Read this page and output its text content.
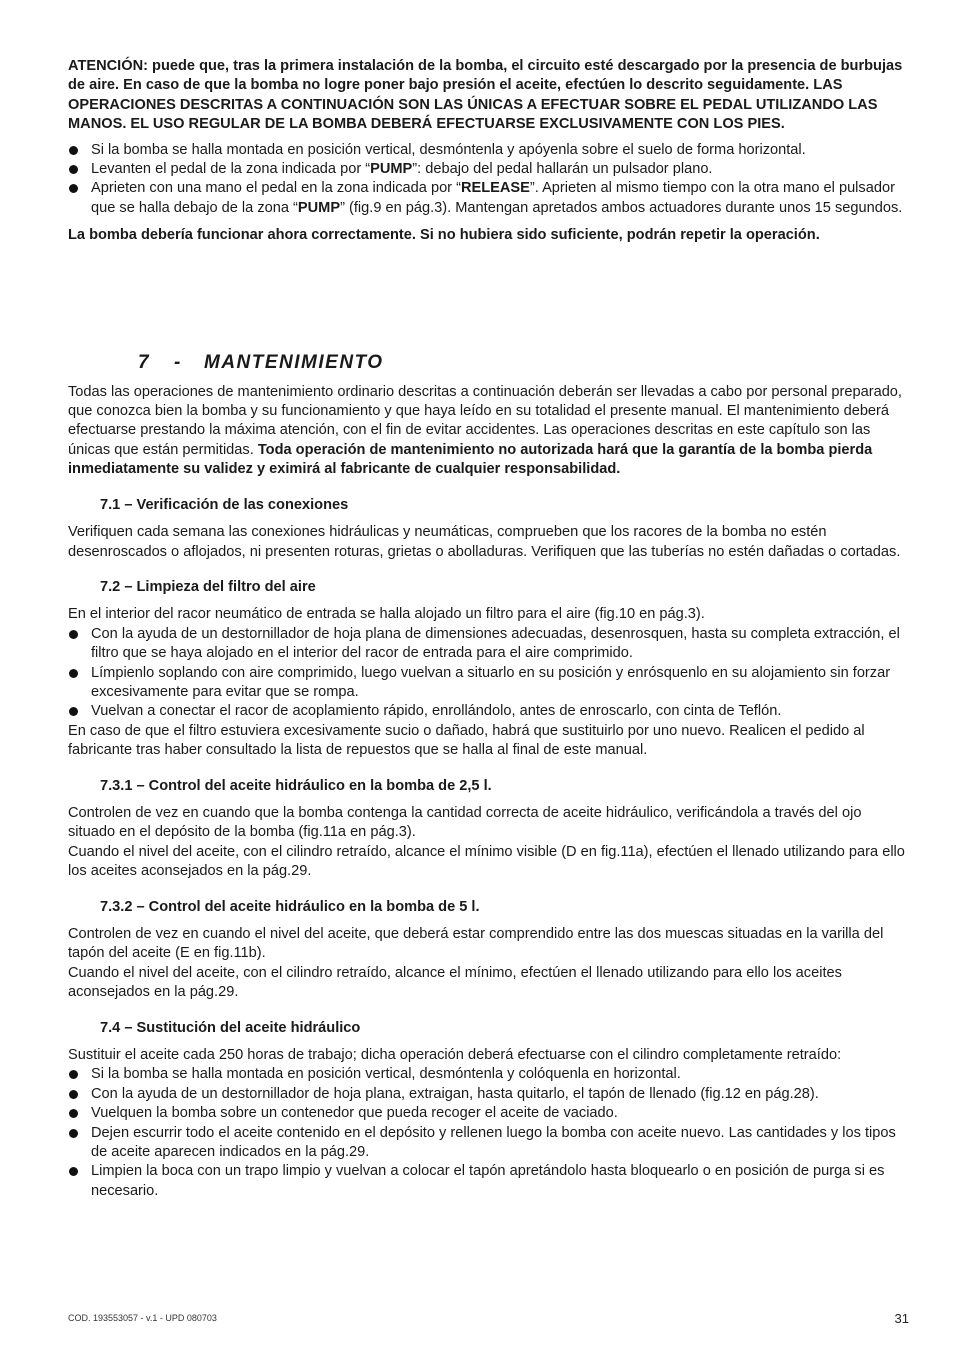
ATENCIÓN: puede que, tras la primera instalación de la bomba, el circuito esté descargado por la presencia de burbujas de aire. En caso de que la bomba no logre poner bajo presión el aceite, efectúen lo descrito seguidamente. LAS OPERACIONES DESCRITAS A CONTINUACIÓN SON LAS ÚNICAS A EFECTUAR SOBRE EL PEDAL UTILIZANDO LAS MANOS. EL USO REGULAR DE LA BOMBA DEBERÁ EFECTUARSE EXCLUSIVAMENTE CON LOS PIES.

Si la bomba se halla montada en posición vertical, desmóntenla y apóyenla sobre el suelo de forma horizontal.
Levanten el pedal de la zona indicada por “PUMP”: debajo del pedal hallarán un pulsador plano.
Aprieten con una mano el pedal en la zona indicada por “RELEASE”. Aprieten al mismo tiempo con la otra mano el pulsador que se halla debajo de la zona “PUMP” (fig.9 en pág.3). Mantengan apretados ambos actuadores durante unos 15 segundos.

La bomba debería funcionar ahora correctamente. Si no hubiera sido suficiente, podrán repetir la operación.

7 - MANTENIMIENTO

Todas las operaciones de mantenimiento ordinario descritas a continuación deberán ser llevadas a cabo por personal preparado, que conozca bien la bomba y su funcionamiento y que haya leído en su totalidad el presente manual. El mantenimiento deberá efectuarse prestando la máxima atención, con el fin de evitar accidentes. Las operaciones descritas en este capítulo son las únicas que están permitidas. Toda operación de mantenimiento no autorizada hará que la garantía de la bomba pierda inmediatamente su validez y eximirá al fabricante de cualquier responsabilidad.

7.1 – Verificación de las conexiones

Verifiquen cada semana las conexiones hidráulicas y neumáticas, comprueben que los racores de la bomba no estén desenroscados o aflojados, ni presenten roturas, grietas o abolladuras. Verifiquen que las tuberías no estén dañadas o cortadas.

7.2 – Limpieza del filtro del aire

En el interior del racor neumático de entrada se halla alojado un filtro para el aire (fig.10 en pág.3).

Con la ayuda de un destornillador de hoja plana de dimensiones adecuadas, desenrosquen, hasta su completa extracción, el filtro que se haya alojado en el interior del racor de entrada para el aire comprimido.
Límpienlo soplando con aire comprimido, luego vuelvan a situarlo en su posición y enrósquenlo en su alojamiento sin forzar excesivamente para evitar que se rompa.
Vuelvan a conectar el racor de acoplamiento rápido, enrollándolo, antes de enroscarlo, con cinta de Teflón.

En caso de que el filtro estuviera excesivamente sucio o dañado, habrá que sustituirlo por uno nuevo. Realicen el pedido al fabricante tras haber consultado la lista de repuestos que se halla al final de este manual.

7.3.1 – Control del aceite hidráulico en la bomba de 2,5 l.

Controlen de vez en cuando que la bomba contenga la cantidad correcta de aceite hidráulico, verificándola a través del ojo situado en el depósito de la bomba (fig.11a en pág.3).

Cuando el nivel del aceite, con el cilindro retraído, alcance el mínimo visible (D en fig.11a), efectúen el llenado utilizando para ello los aceites aconsejados en la pág.29.

7.3.2 – Control del aceite hidráulico en la bomba de 5 l.

Controlen de vez en cuando el nivel del aceite, que deberá estar comprendido entre las dos muescas situadas en la varilla del tapón del aceite (E en fig.11b).

Cuando el nivel del aceite, con el cilindro retraído, alcance el mínimo, efectúen el llenado utilizando para ello los aceites aconsejados en la pág.29.

7.4 – Sustitución del aceite hidráulico

Sustituir el aceite cada 250 horas de trabajo; dicha operación deberá efectuarse con el cilindro completamente retraído:

Si la bomba se halla montada en posición vertical, desmóntenla y colóquenla en horizontal.
Con la ayuda de un destornillador de hoja plana, extraigan, hasta quitarlo, el tapón de llenado (fig.12 en pág.28).
Vuelquen la bomba sobre un contenedor que pueda recoger el aceite de vaciado.
Dejen escurrir todo el aceite contenido en el depósito y rellenen luego la bomba con aceite nuevo. Las cantidades y los tipos de aceite aparecen indicados en la pág.29.
Limpien la boca con un trapo limpio y vuelvan a colocar el tapón apretándolo hasta bloquearlo o en posición de purga si es necesario.
COD. 193553057 - v.1 - UPD 080703	31
